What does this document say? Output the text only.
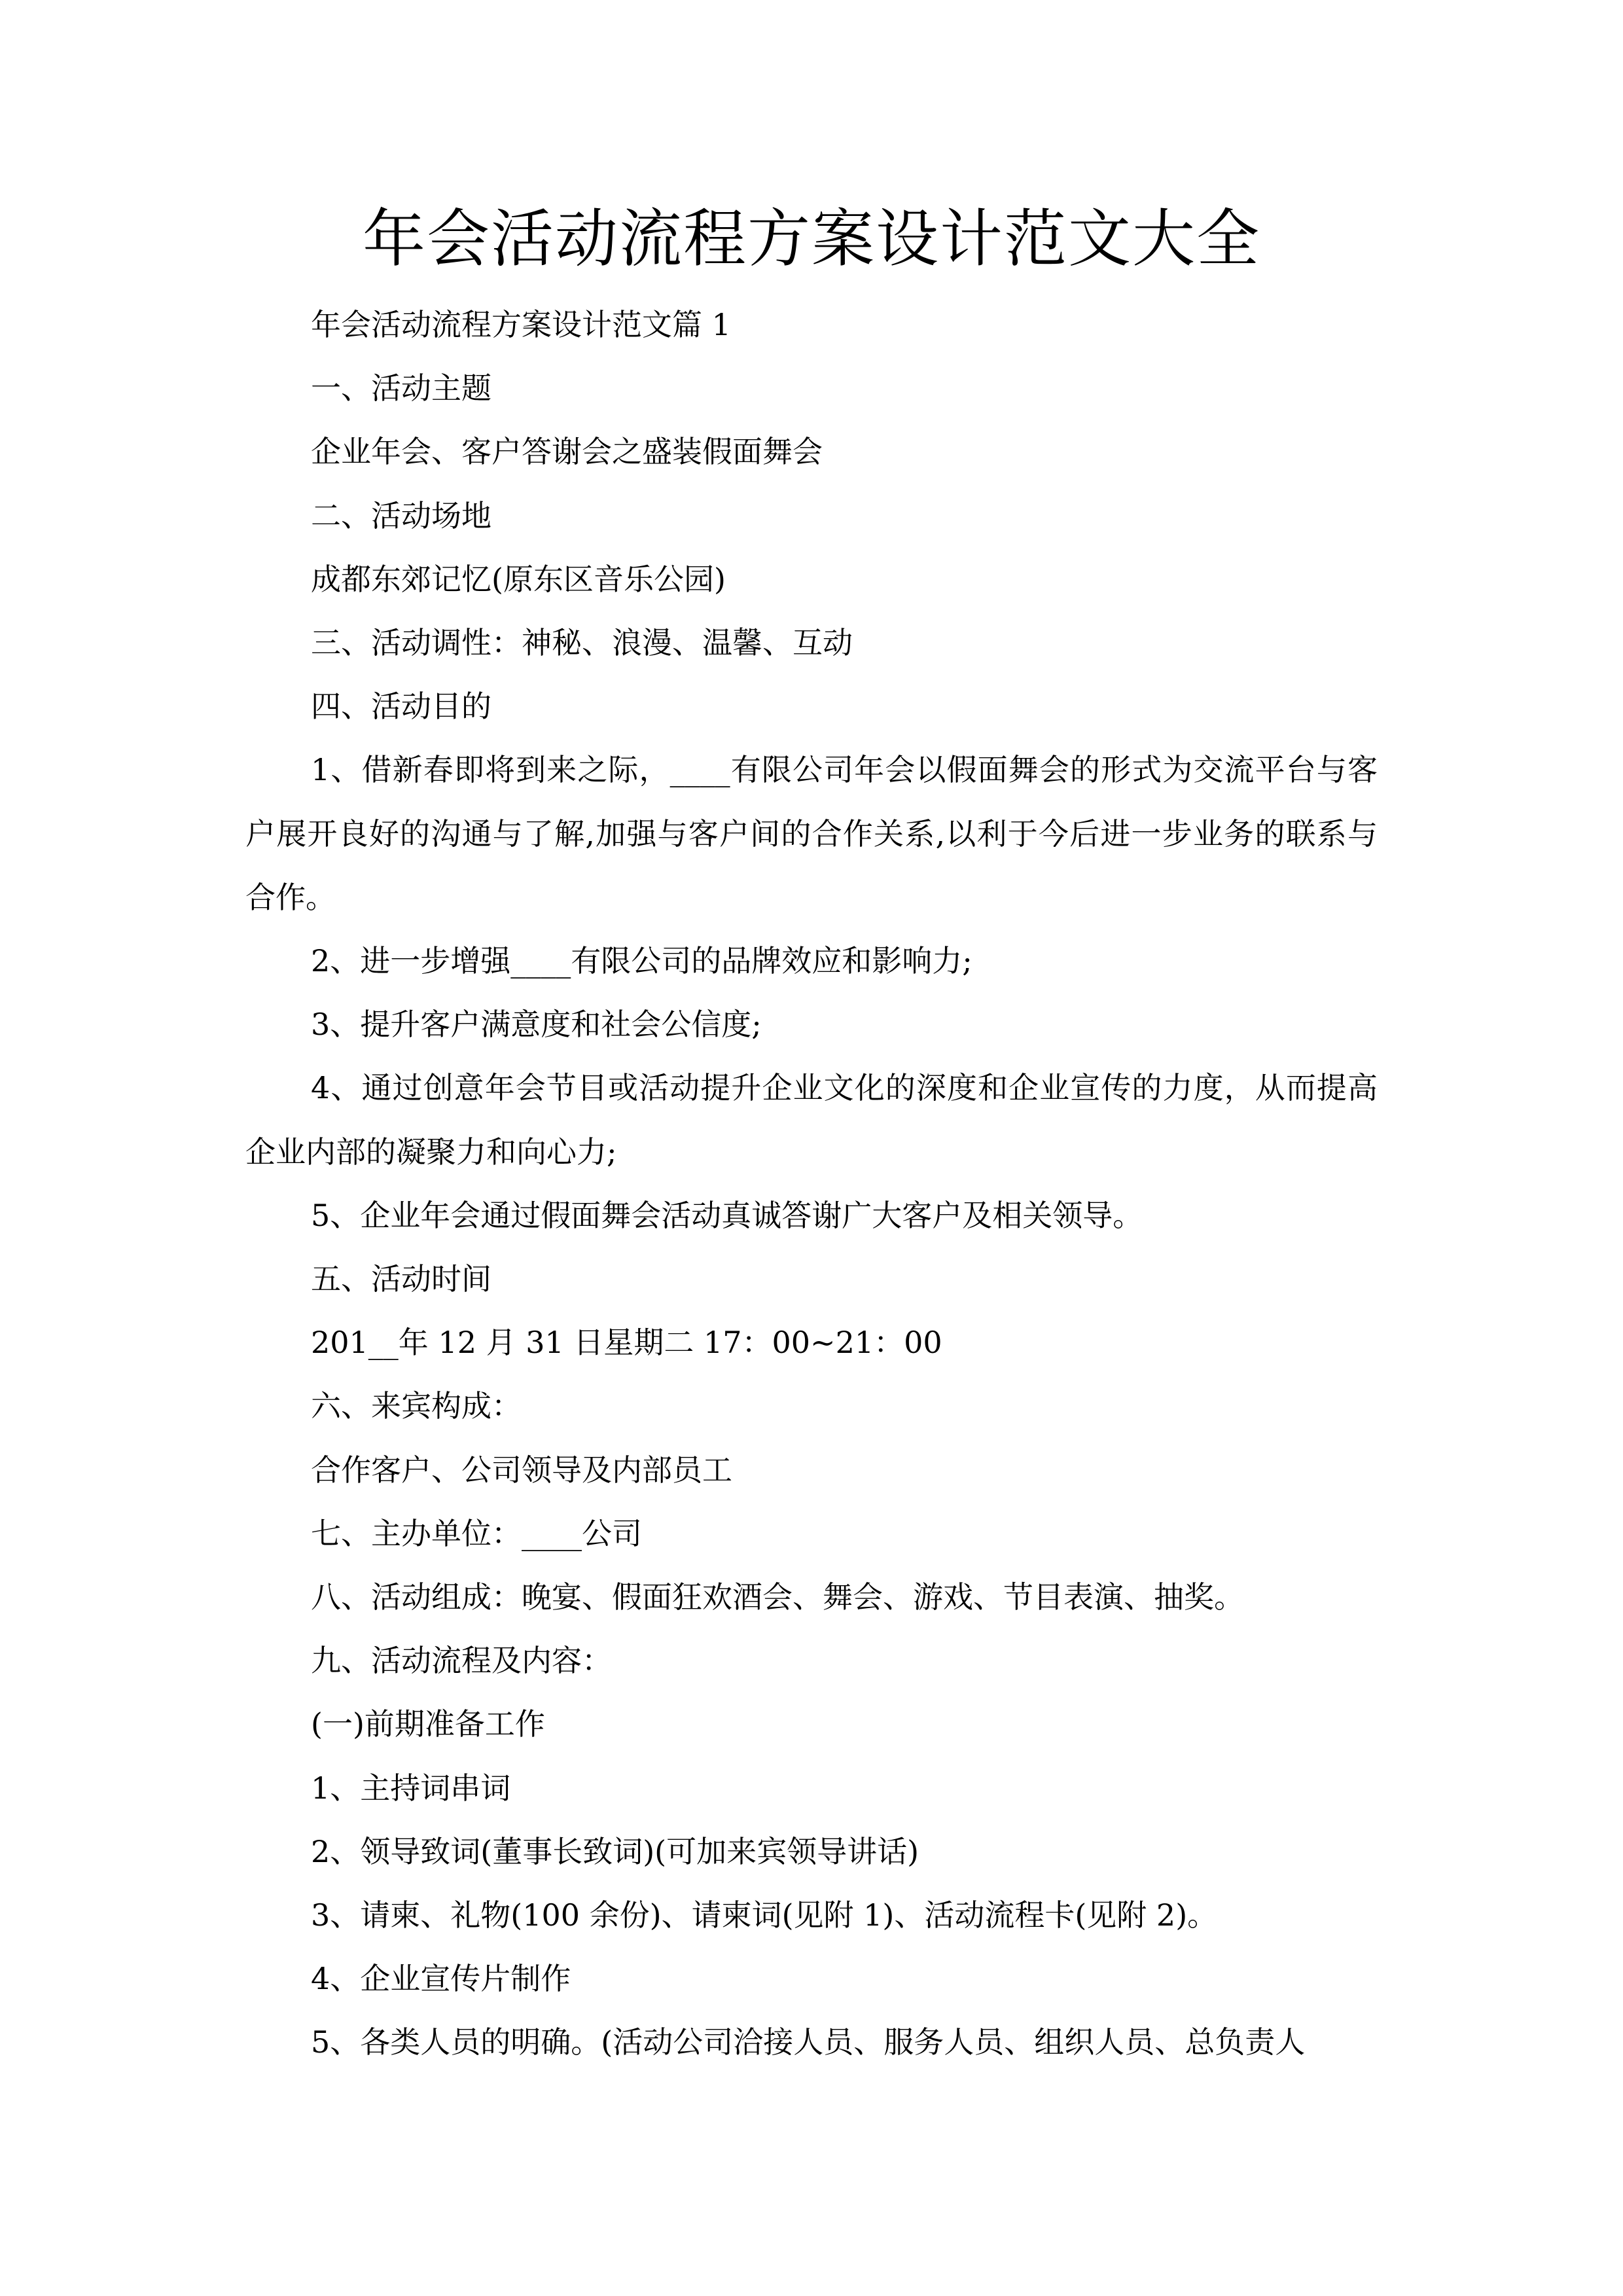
年会活动流程方案设计范文大全

年会活动流程方案设计范文篇 1

一、活动主题

企业年会、客户答谢会之盛装假面舞会

二、活动场地

成都东郊记忆(原东区音乐公园)

三、活动调性：神秘、浪漫、温馨、互动

四、活动目的

1、借新春即将到来之际，____有限公司年会以假面舞会的形式为交流平台与客户展开良好的沟通与了解,加强与客户间的合作关系,以利于今后进一步业务的联系与合作。

2、进一步增强____有限公司的品牌效应和影响力;

3、提升客户满意度和社会公信度;

4、通过创意年会节目或活动提升企业文化的深度和企业宣传的力度，从而提高企业内部的凝聚力和向心力;

5、企业年会通过假面舞会活动真诚答谢广大客户及相关领导。

五、活动时间

201__年 12 月 31 日星期二 17：00~21：00

六、来宾构成：

合作客户、公司领导及内部员工

七、主办单位：____公司

八、活动组成：晚宴、假面狂欢酒会、舞会、游戏、节目表演、抽奖。

九、活动流程及内容：

(一)前期准备工作

1、主持词串词

2、领导致词(董事长致词)(可加来宾领导讲话)

3、请柬、礼物(100 余份)、请柬词(见附 1)、活动流程卡(见附 2)。

4、企业宣传片制作

5、各类人员的明确。(活动公司洽接人员、服务人员、组织人员、总负责人
